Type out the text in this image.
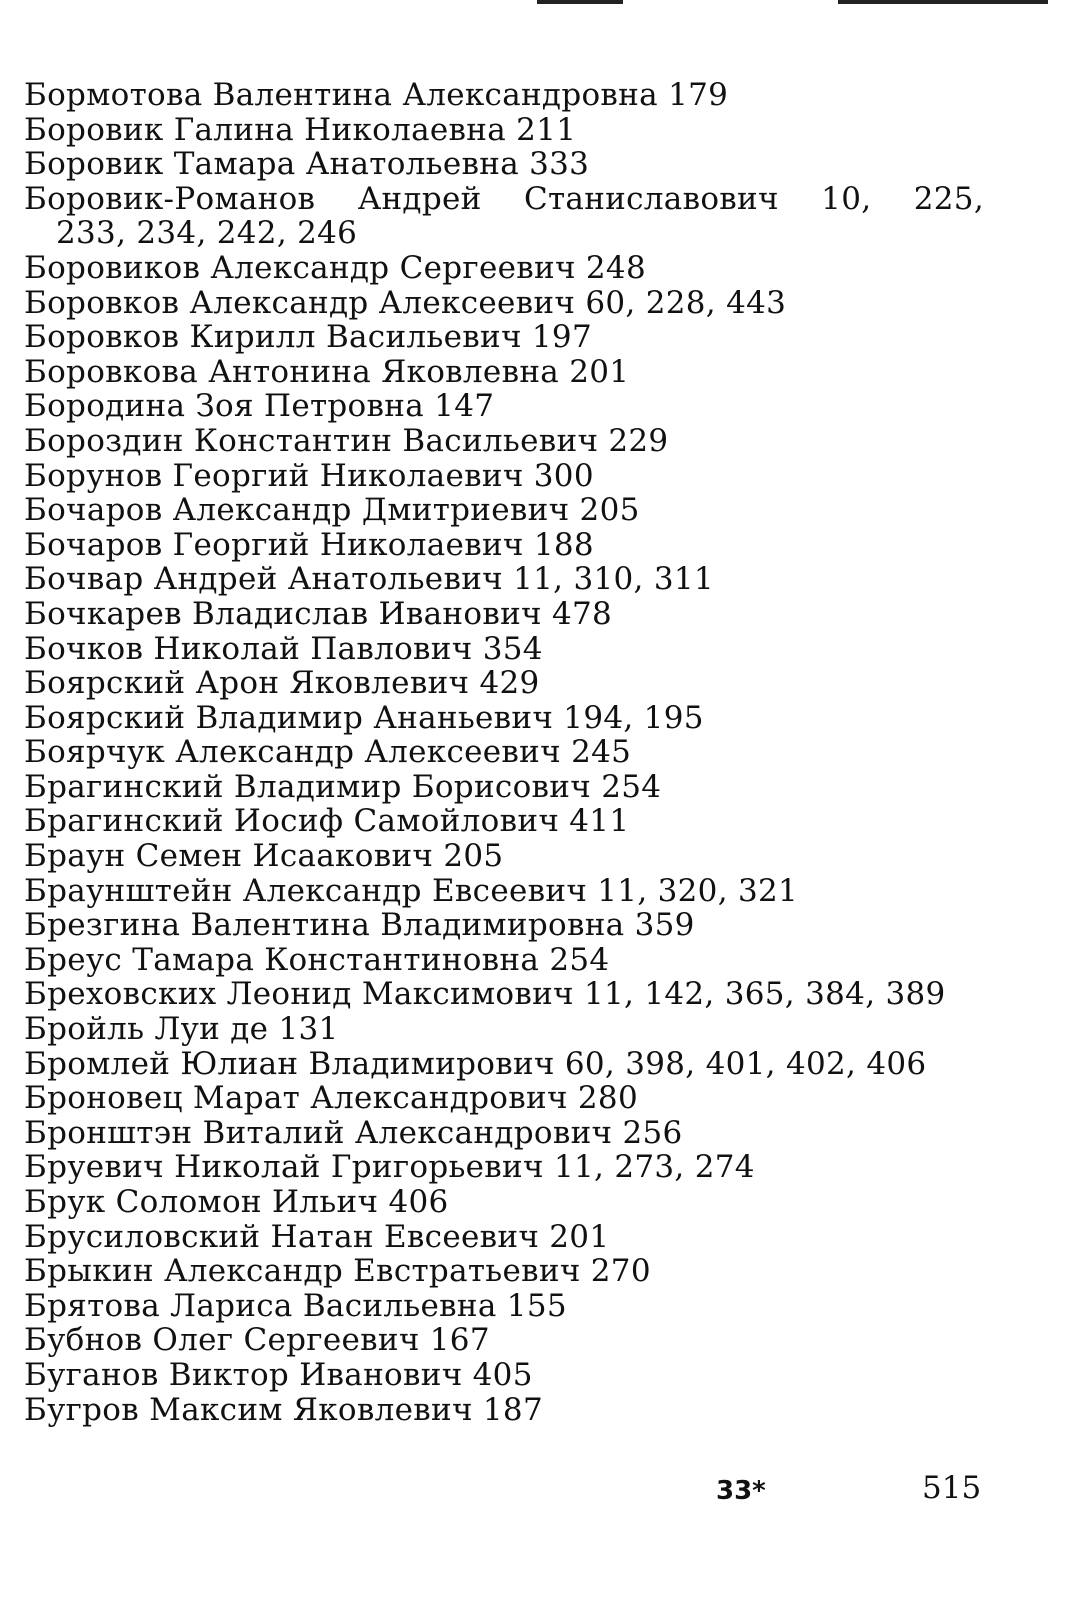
Бормотова Валентина Александровна 179
Боровик Галина Николаевна 211
Боровик Тамара Анатольевна 333
Боровик-Романов Андрей Станиславович 10, 225,
233, 234, 242, 246
Боровиков Александр Сергеевич 248
Боровков Александр Алексеевич 60, 228, 443
Боровков Кирилл Васильевич 197
Боровкова Антонина Яковлевна 201
Бородина Зоя Петровна 147
Бороздин Константин Васильевич 229
Борунов Георгий Николаевич 300
Бочаров Александр Дмитриевич 205
Бочаров Георгий Николаевич 188
Бочвар Андрей Анатольевич 11, 310, 311
Бочкарев Владислав Иванович 478
Бочков Николай Павлович 354
Боярский Арон Яковлевич 429
Боярский Владимир Ананьевич 194, 195
Боярчук Александр Алексеевич 245
Брагинский Владимир Борисович 254
Брагинский Иосиф Самойлович 411
Браун Семен Исаакович 205
Браунштейн Александр Евсеевич 11, 320, 321
Брезгина Валентина Владимировна 359
Бреус Тамара Константиновна 254
Бреховских Леонид Максимович 11, 142, 365, 384, 389
Бройль Луи де 131
Бромлей Юлиан Владимирович 60, 398, 401, 402, 406
Броновец Марат Александрович 280
Бронштэн Виталий Александрович 256
Бруевич Николай Григорьевич 11, 273, 274
Брук Соломон Ильич 406
Брусиловский Натан Евсеевич 201
Брыкин Александр Евстратьевич 270
Брятова Лариса Васильевна 155
Бубнов Олег Сергеевич 167
Буганов Виктор Иванович 405
Бугров Максим Яковлевич 187
33*	515
